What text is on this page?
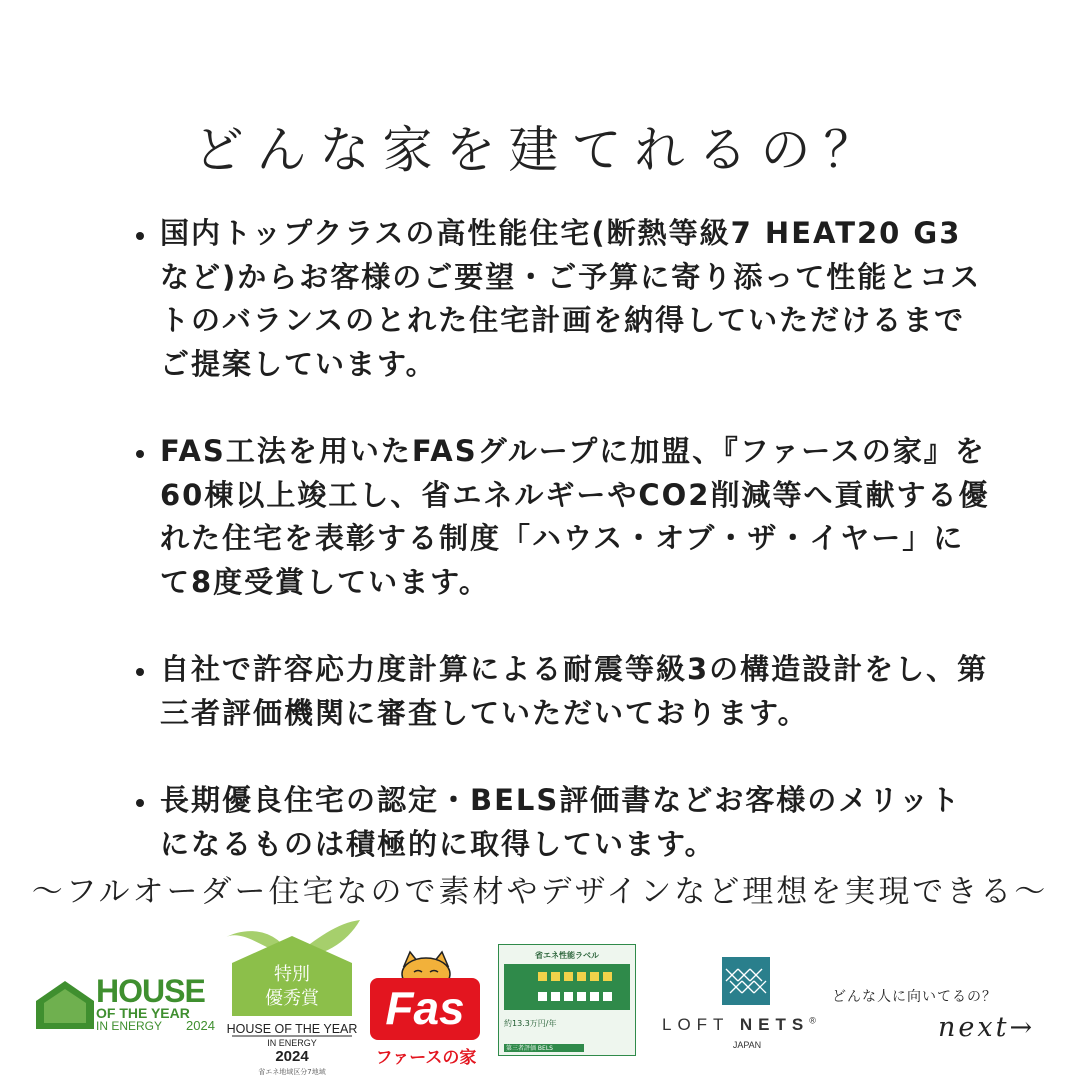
どんな家を建てれるの？
国内トップクラスの高性能住宅(断熱等級7 HEAT20 G3など)からお客様のご要望・ご予算に寄り添って性能とコストのバランスのとれた住宅計画を納得していただけるまでご提案しています。
FAS工法を用いたFASグループに加盟、『ファースの家』を60棟以上竣工し、省エネルギーやCO2削減等へ貢献する優れた住宅を表彰する制度「ハウス・オブ・ザ・イヤー」にて8度受賞しています。
自社で許容応力度計算による耐震等級3の構造設計をし、第三者評価機関に審査していただいております。
長期優良住宅の認定・BELS評価書などお客様のメリットになるものは積極的に取得しています。
～フルオーダー住宅なので素材やデザインなど理想を実現できる～
HOUSE
OF THE YEAR
IN ENERGY 2024
特別
優秀賞
HOUSE OF THE YEAR
IN ENERGY
2024
省エネ地域区分7地域
Fas
ファースの家
省エネ性能ラベル
約13.3万円/年
第三者評価 BELS
LOFT NETS®
JAPAN
どんな人に向いてるの？
next→
